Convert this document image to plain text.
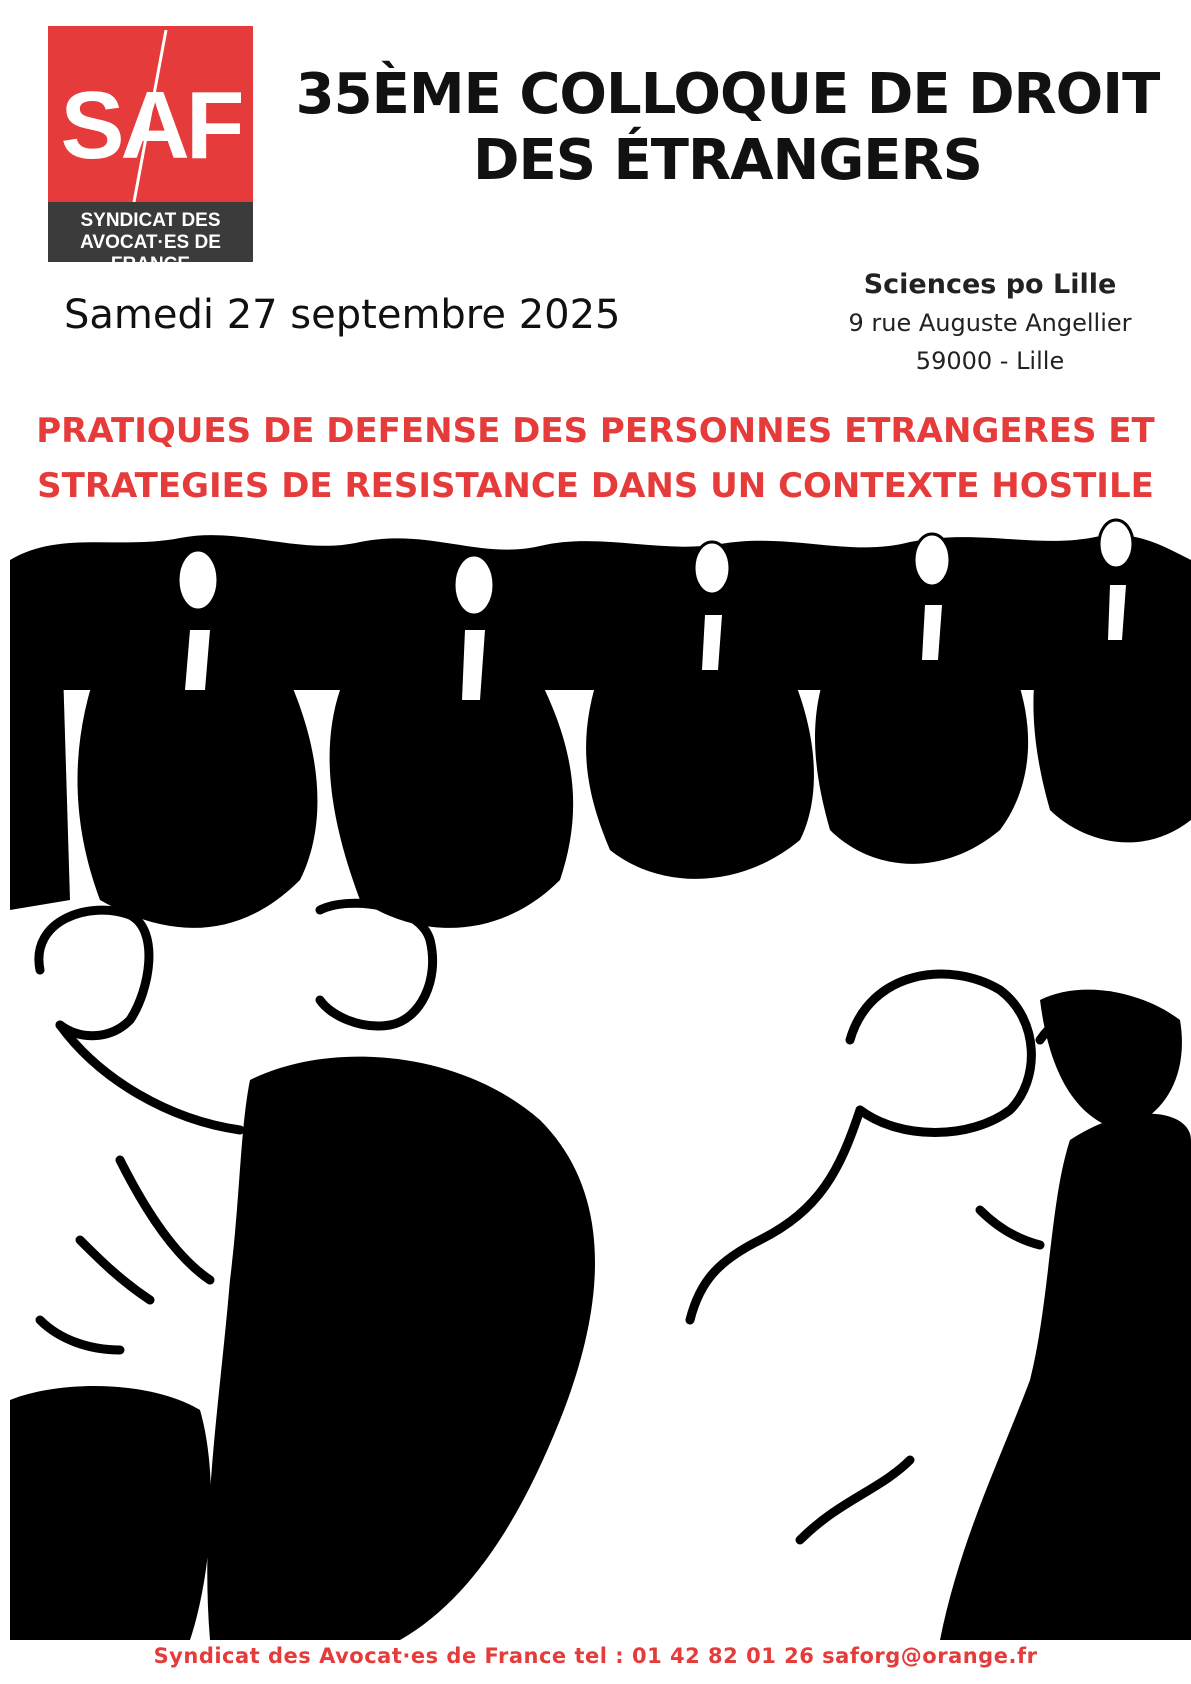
SAF
SYNDICAT DES
AVOCAT·ES DE FRANCE
35ÈME COLLOQUE DE DROIT
DES ÉTRANGERS
Samedi 27 septembre 2025
Sciences po Lille
9 rue Auguste Angellier
59000 - Lille
PRATIQUES DE DEFENSE DES PERSONNES ETRANGERES ET
STRATEGIES DE RESISTANCE DANS UN CONTEXTE HOSTILE
ANA PICH
Syndicat des Avocat·es de France tel : 01 42 82 01 26 saforg@orange.fr
